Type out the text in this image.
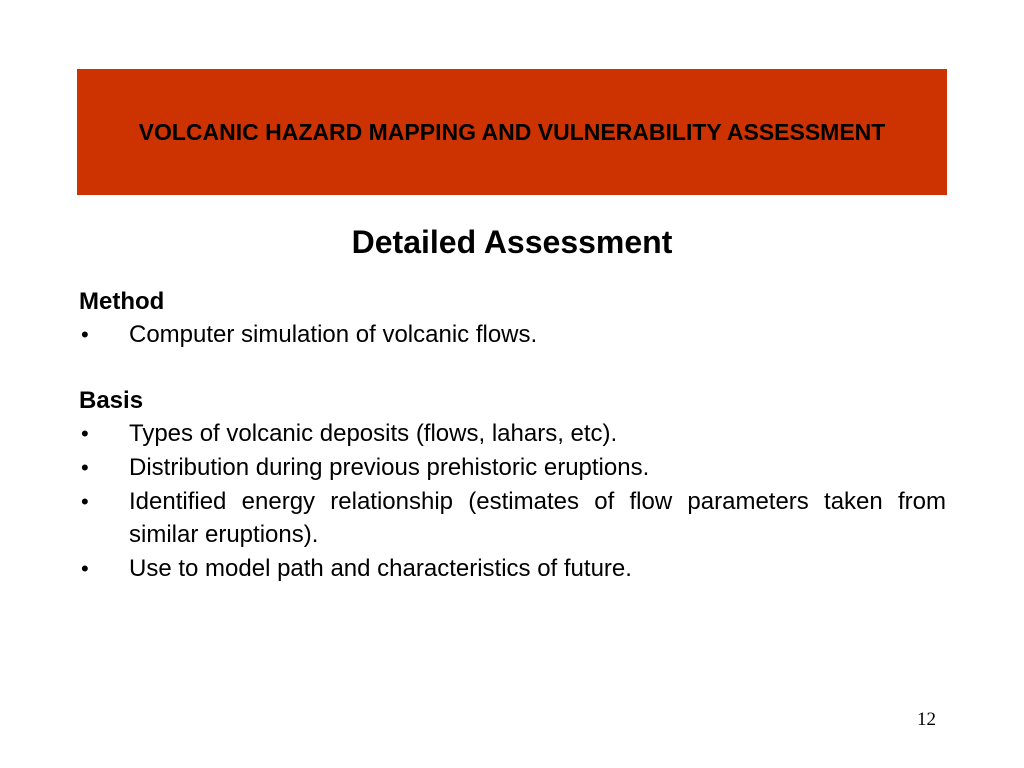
VOLCANIC HAZARD MAPPING AND VULNERABILITY ASSESSMENT
Detailed Assessment

Method

•	Computer simulation of volcanic flows.

Basis

•	Types of volcanic deposits (flows, lahars, etc).
•	Distribution during previous prehistoric eruptions.
•	Identified energy relationship (estimates of flow parameters taken from similar eruptions).
•	Use to model path and characteristics of future.
12
